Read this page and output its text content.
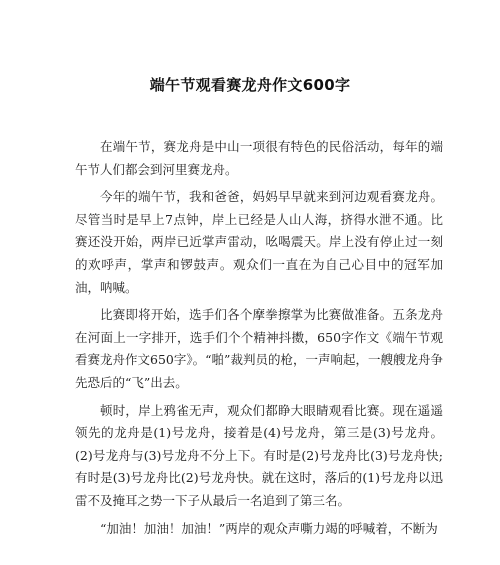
端午节观看赛龙舟作文600字

在端午节，赛龙舟是中山一项很有特色的民俗活动，每年的端午节人们都会到河里赛龙舟。

今年的端午节，我和爸爸，妈妈早早就来到河边观看赛龙舟。尽管当时是早上7点钟，岸上已经是人山人海，挤得水泄不通。比赛还没开始，两岸已近掌声雷动，吆喝震天。岸上没有停止过一刻的欢呼声，掌声和锣鼓声。观众们一直在为自己心目中的冠军加油，呐喊。

比赛即将开始，选手们各个摩拳擦掌为比赛做准备。五条龙舟在河面上一字排开，选手们个个精神抖擞，650字作文《端午节观看赛龙舟作文650字》。“啪”裁判员的枪，一声响起，一艘艘龙舟争先恐后的“飞”出去。

顿时，岸上鸦雀无声，观众们都睁大眼睛观看比赛。现在遥遥领先的龙舟是(1)号龙舟，接着是(4)号龙舟，第三是(3)号龙舟。(2)号龙舟与(3)号龙舟不分上下。有时是(2)号龙舟比(3)号龙舟快;有时是(3)号龙舟比(2)号龙舟快。就在这时，落后的(1)号龙舟以迅雷不及掩耳之势一下子从最后一名追到了第三名。

“加油！加油！加油！”两岸的观众声嘶力竭的呼喊着，不断为
